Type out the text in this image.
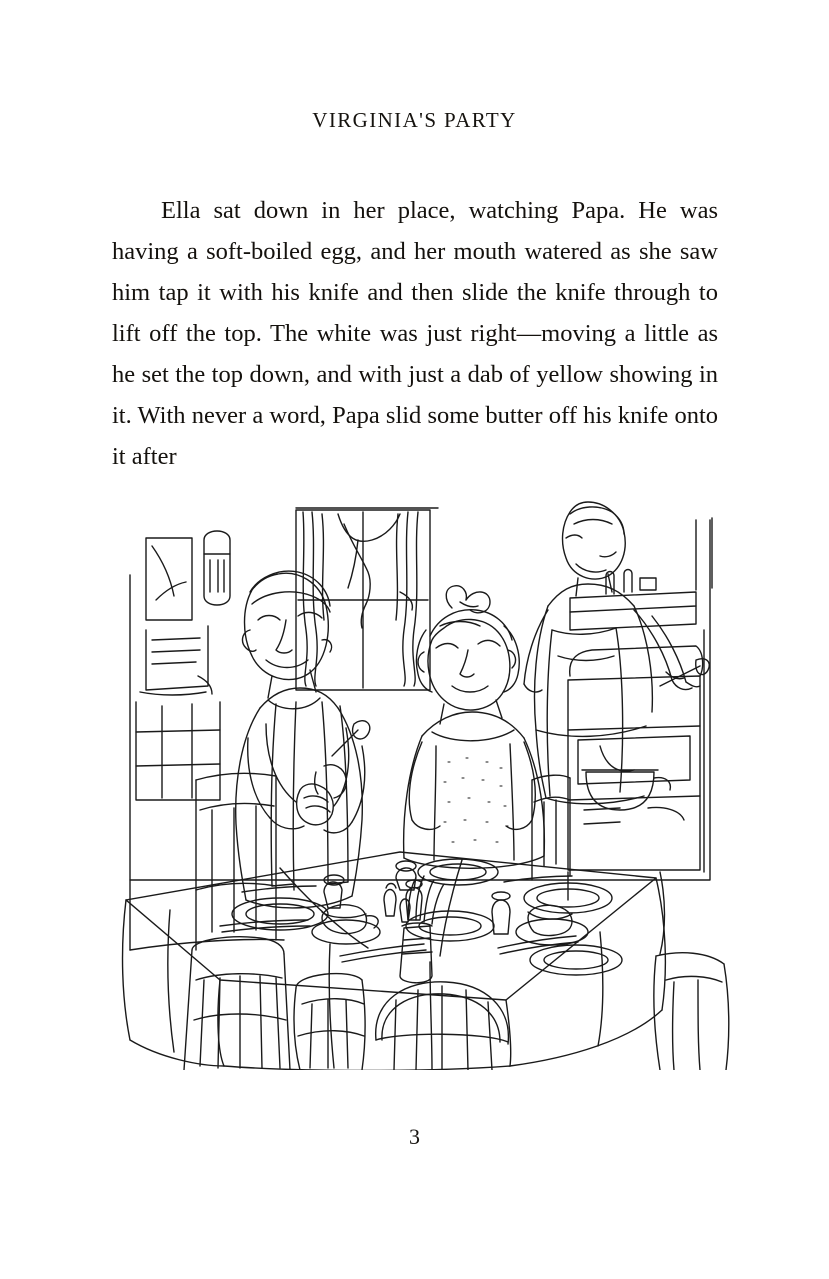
VIRGINIA'S PARTY

Ella sat down in her place, watching Papa. He was having a soft-boiled egg, and her mouth watered as she saw him tap it with his knife and then slide the knife through to lift off the top. The white was just right—moving a little as he set the top down, and with just a dab of yellow showing in it. With never a word, Papa slid some butter off his knife onto it after

3
